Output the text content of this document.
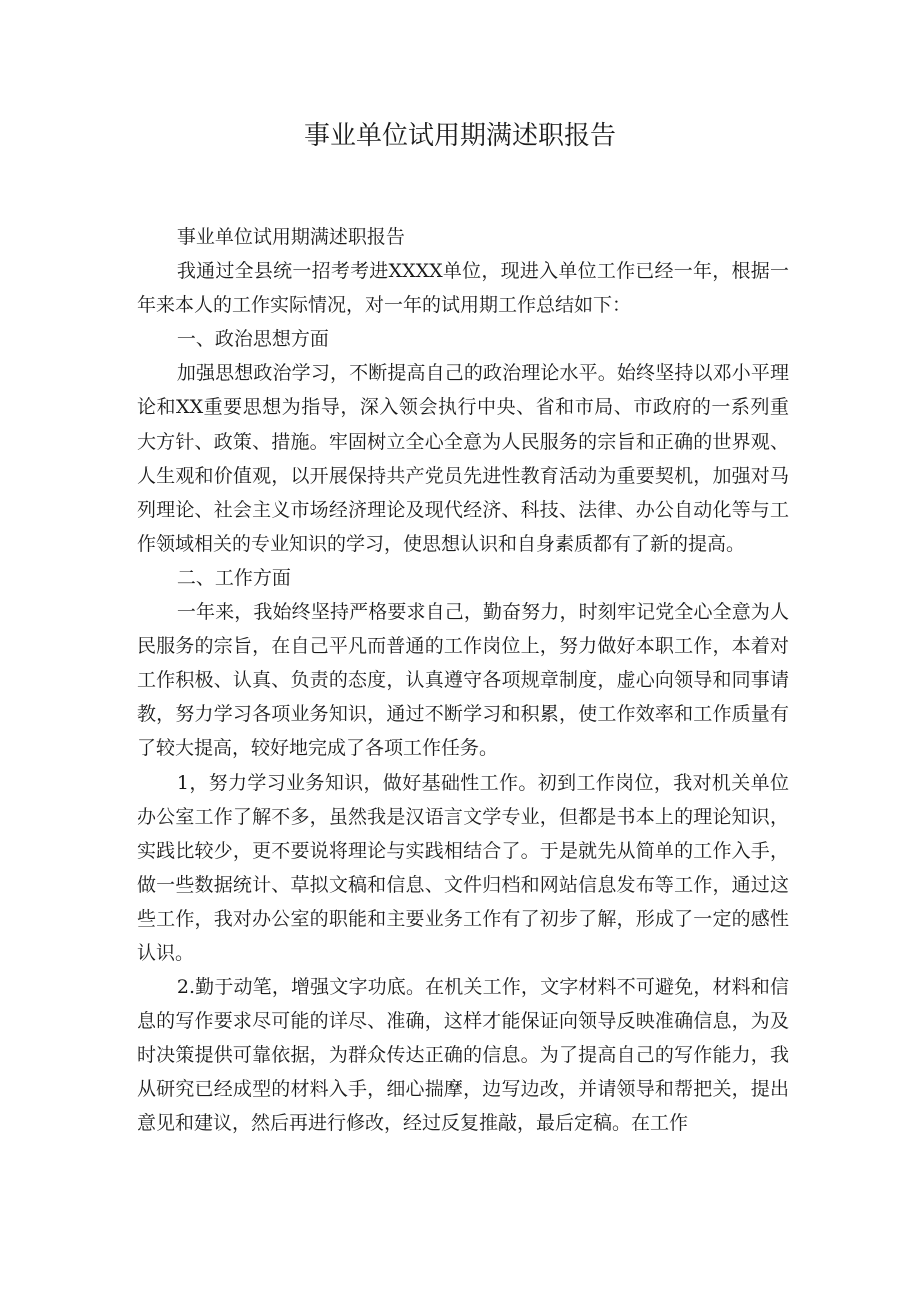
事业单位试用期满述职报告

事业单位试用期满述职报告

我通过全县统一招考考进XXXX单位，现进入单位工作已经一年，根据一年来本人的工作实际情况，对一年的试用期工作总结如下：

一、政治思想方面

加强思想政治学习，不断提高自己的政治理论水平。始终坚持以邓小平理论和XX重要思想为指导，深入领会执行中央、省和市局、市政府的一系列重大方针、政策、措施。牢固树立全心全意为人民服务的宗旨和正确的世界观、人生观和价值观，以开展保持共产党员先进性教育活动为重要契机，加强对马列理论、社会主义市场经济理论及现代经济、科技、法律、办公自动化等与工作领域相关的专业知识的学习，使思想认识和自身素质都有了新的提高。

二、工作方面

一年来，我始终坚持严格要求自己，勤奋努力，时刻牢记党全心全意为人民服务的宗旨，在自己平凡而普通的工作岗位上，努力做好本职工作，本着对工作积极、认真、负责的态度，认真遵守各项规章制度，虚心向领导和同事请教，努力学习各项业务知识，通过不断学习和积累，使工作效率和工作质量有了较大提高，较好地完成了各项工作任务。

1，努力学习业务知识，做好基础性工作。初到工作岗位，我对机关单位办公室工作了解不多，虽然我是汉语言文学专业，但都是书本上的理论知识，实践比较少，更不要说将理论与实践相结合了。于是就先从简单的工作入手，做一些数据统计、草拟文稿和信息、文件归档和网站信息发布等工作，通过这些工作，我对办公室的职能和主要业务工作有了初步了解，形成了一定的感性认识。

2.勤于动笔，增强文字功底。在机关工作，文字材料不可避免，材料和信息的写作要求尽可能的详尽、准确，这样才能保证向领导反映准确信息，为及时决策提供可靠依据，为群众传达正确的信息。为了提高自己的写作能力，我从研究已经成型的材料入手，细心揣摩，边写边改，并请领导和帮把关，提出意见和建议，然后再进行修改，经过反复推敲，最后定稿。在工作
